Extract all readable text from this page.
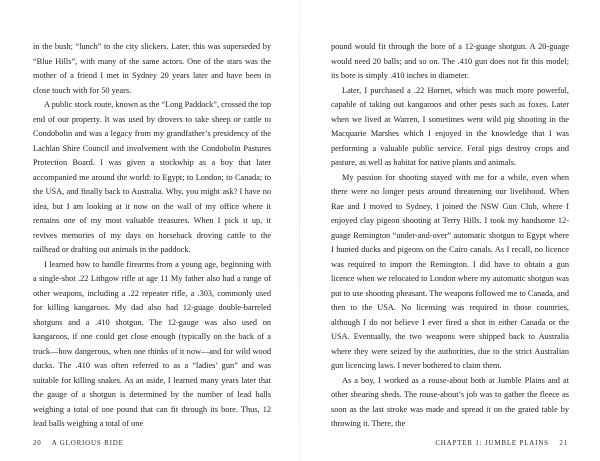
in the bush; “lunch” to the city slickers. Later, this was superseded by “Blue Hills”, with many of the same actors. One of the stars was the mother of a friend I met in Sydney 20 years later and have been in close touch with for 50 years.

A public stock route, known as the “Long Paddock”, crossed the top end of our property. It was used by drovers to take sheep or cattle to Condobolin and was a legacy from my grandfather’s presidency of the Lachlan Shire Council and involvement with the Condobolin Pastures Protection Board. I was given a stockwhip as a boy that later accompanied me around the world: to Egypt; to London; to Canada; to the USA, and finally back to Australia. Why, you might ask? I have no idea, but I am looking at it now on the wall of my office where it remains one of my most valuable treasures. When I pick it up, it revives memories of my days on horseback droving cattle to the railhead or drafting out animals in the paddock.

I learned how to handle firearms from a young age, beginning with a single-shot .22 Lithgow rifle at age 11 My father also had a range of other weapons, including a .22 repeater rifle, a .303, commonly used for killing kangaroos. My dad also had 12-guage double-barreled shotguns and a .410 shotgun. The 12-gauge was also used on kangaroos, if one could get close enough (typically on the back of a truck—how dangerous, when one thinks of it now—and for wild wood ducks. The .410 was often referred to as a “ladies’ gun” and was suitable for killing snakes. As an aside, I learned many years later that the gauge of a shotgun is determined by the number of lead balls weighing a total of one pound that can fit through its bore. Thus, 12 lead balls weighing a total of one

20 A GLORIOUS RIDE

pound would fit through the bore of a 12-guage shotgun. A 20-guage would need 20 balls; and so on. The .410 gun does not fit this model; its bore is simply .410 inches in diameter.

Later, I purchased a .22 Hornet, which was much more powerful, capable of taking out kangaroos and other pests such as foxes. Later when we lived at Warren, I sometimes went wild pig shooting in the Macquarie Marshes which I enjoyed in the knowledge that I was performing a valuable public service. Feral pigs destroy crops and pasture, as well as habitat for native plants and animals.

My passion for shooting stayed with me for a while, even when there were no longer pests around threatening our livelihood. When Rae and I moved to Sydney, I joined the NSW Gun Club, where I enjoyed clay pigeon shooting at Terry Hills. I took my handsome 12-guage Remington “under-and-over” automatic shotgun to Egypt where I hunted ducks and pigeons on the Cairo canals. As I recall, no licence was required to import the Remington. I did have to obtain a gun licence when we relocated to London where my automatic shotgun was put to use shooting pheasant. The weapons followed me to Canada, and then to the USA. No licensing was required in those countries, although I do not believe I ever fired a shot in either Canada or the USA. Eventually, the two weapons were shipped back to Australia where they were seized by the authorities, due to the strict Australian gun licencing laws. I never bothered to claim them.

As a boy, I worked as a rouse-about both at Jumble Plains and at other shearing sheds. The rouse-about’s job was to gather the fleece as soon as the last stroke was made and spread it on the grated table by throwing it. There, the

CHAPTER 1: JUMBLE PLAINS 21
